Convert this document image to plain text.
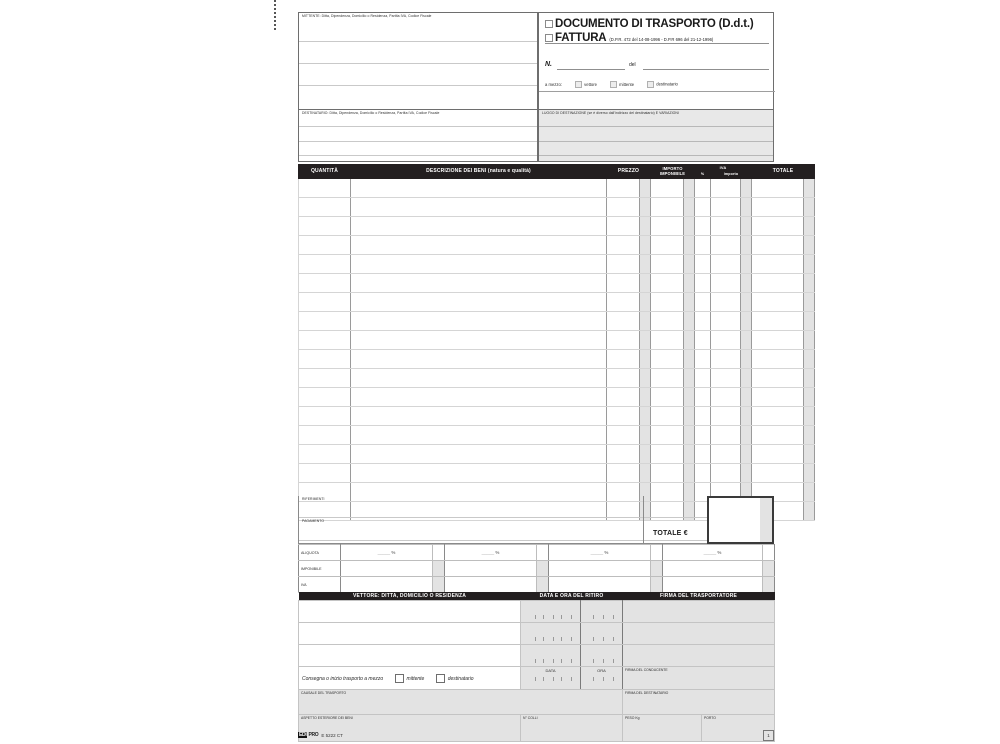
MITTENTE: Ditta, Dipendenza, Domicilio o Residenza, Partita IVA, Codice Fiscale
DOCUMENTO DI TRASPORTO (D.d.t.)
FATTURA (D.P.R. 472 del 14-08-1996 - D.P.R 696 del 21-12-1996)
N.	del
a mezzo:	vettore	mittente	destinatario
DESTINATARIO: Ditta, Dipendenza, Domicilio o Residenza, Partita IVA, Codice Fiscale	LUOGO DI DESTINAZIONE (se è diverso dall'indirizzo del destinatario) E VARIAZIONI
QUANTITÀ	DESCRIZIONE DEI BENI (natura e qualità)	PREZZO		IMPORTO IMPONIBILE		IVA			TOTALE	
						%	Importo			

RIFERIMENTI
PAGAMENTO
TOTALE €
ALIQUOTA	_____ %		_____ %		_____ %		_____ %	
IMPONIBILE								
IVA								
VETTORE: DITTA, DOMICILIO O RESIDENZA	DATA E ORA DEL RITIRO	FIRMA DEL TRASPORTATORE

Consegna o inizio trasporto a mezzo	mittente	destinatario

DATA	ORA	FIRMA DEL CONDUCENTE

CAUSALE DEL TRASPORTO	FIRMA DEL DESTINATARIO

ASPETTO ESTERIORE DEI BENI	N° COLLI
		PESO Kg	PORTO
EDI PRO E 5222 CT	1
